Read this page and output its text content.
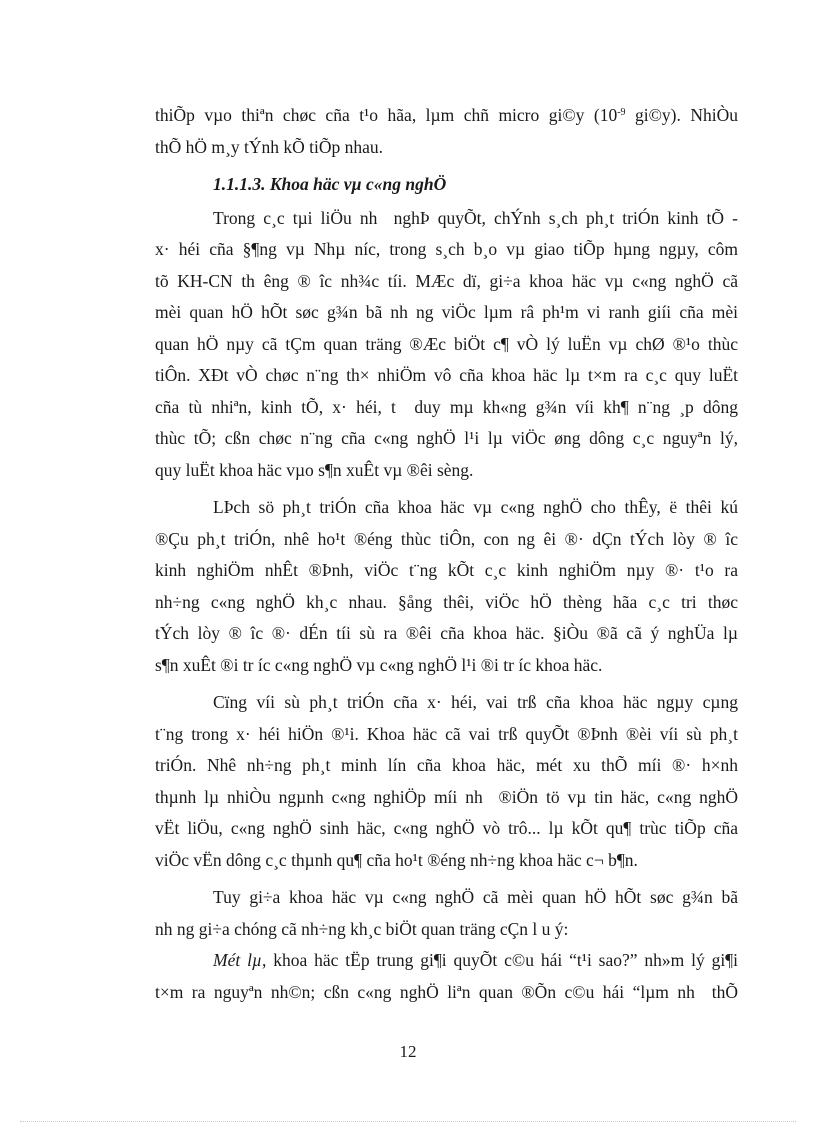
thiÕp vµo thiªn chøc cña t¹o hãa, lµm chñ micro gi©y ($10^{-9}$ gi©y). NhiÒu
thÕ hÖ m¸y tÝnh kÕ tiÕp nhau.
1.1.1.3. Khoa häc vµ c«ng nghÖ
Trong c¸c tµi liÖu nh  nghÞ quyÕt, chÝnh s¸ch ph¸t triÓn kinh tÕ -
x· héi cña §¶ng vµ Nhµ níc, trong s¸ch b¸o vµ giao tiÕp hµng ngµy, côm
tõ KH-CN th êng ® îc nh¾c tíi. MÆc dï, gi÷a khoa häc vµ c«ng nghÖ cã
mèi quan hÖ hÕt søc g¾n bã nh ng viÖc lµm râ ph¹m vi ranh giíi cña mèi
quan hÖ nµy cã tÇm quan träng ®Æc biÖt c¶ vÒ lý luËn vµ chØ ®¹o thùc
tiÔn. XÐt vÒ chøc n¨ng th× nhiÖm vô cña khoa häc lµ t×m ra c¸c quy luËt
cña tù nhiªn, kinh tÕ, x· héi, t  duy mµ kh«ng g¾n víi kh¶ n¨ng ¸p dông
thùc tÕ; cßn chøc n¨ng cña c«ng nghÖ l¹i lµ viÖc øng dông c¸c nguyªn lý,
quy luËt khoa häc vµo s¶n xuÊt vµ ®êi sèng.
LÞch sö ph¸t triÓn cña khoa häc vµ c«ng nghÖ cho thÊy, ë thêi kú
®Çu ph¸t triÓn, nhê ho¹t ®éng thùc tiÔn, con ng êi ®· dÇn tÝch lòy ® îc
kinh nghiÖm nhÊt ®Þnh, viÖc t¨ng kÕt c¸c kinh nghiÖm nµy ®· t¹o ra
nh÷ng c«ng nghÖ kh¸c nhau. §ång thêi, viÖc hÖ thèng hãa c¸c tri thøc
tÝch lòy ® îc ®· dÉn tíi sù ra ®êi cña khoa häc. §iÒu ®ã cã ý nghÜa lµ
s¶n xuÊt ®i tr íc c«ng nghÖ vµ c«ng nghÖ l¹i ®i tr íc khoa häc.
Cïng víi sù ph¸t triÓn cña x· héi, vai trß cña khoa häc ngµy cµng
t¨ng trong x· héi hiÖn ®¹i. Khoa häc cã vai trß quyÕt ®Þnh ®èi víi sù ph¸t
triÓn. Nhê nh÷ng ph¸t minh lín cña khoa häc, mét xu thÕ míi ®· h×nh
thµnh lµ nhiÒu ngµnh c«ng nghiÖp míi nh  ®iÖn tö vµ tin häc, c«ng nghÖ
vËt liÖu, c«ng nghÖ sinh häc, c«ng nghÖ vò trô... lµ kÕt qu¶ trùc tiÕp cña
viÖc vËn dông c¸c thµnh qu¶ cña ho¹t ®éng nh÷ng khoa häc c¬ b¶n.
Tuy gi÷a khoa häc vµ c«ng nghÖ cã mèi quan hÖ hÕt søc g¾n bã
nh ng gi÷a chóng cã nh÷ng kh¸c biÖt quan träng cÇn l u ý:
Mét lµ, khoa häc tËp trung gi¶i quyÕt c©u hái “t¹i sao?” nh»m lý gi¶i
t×m ra nguyªn nh©n; cßn c«ng nghÖ liªn quan ®Õn c©u hái “lµm nh  thÕ
12
